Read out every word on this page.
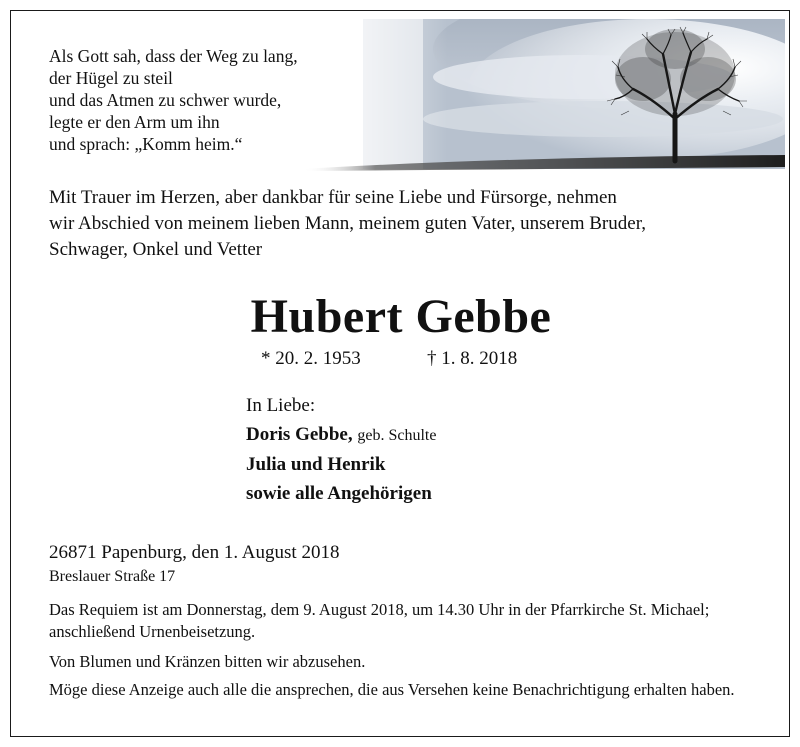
Als Gott sah, dass der Weg zu lang,
der Hügel zu steil
und das Atmen zu schwer wurde,
legte er den Arm um ihn
und sprach: „Komm heim.“
Mit Trauer im Herzen, aber dankbar für seine Liebe und Fürsorge, nehmen
wir Abschied von meinem lieben Mann, meinem guten Vater, unserem Bruder,
Schwager, Onkel und Vetter
Hubert Gebbe
* 20. 2. 1953	† 1. 8. 2018
In Liebe:
Doris Gebbe, geb. Schulte
Julia und Henrik
sowie alle Angehörigen
26871 Papenburg, den 1. August 2018
Breslauer Straße 17
Das Requiem ist am Donnerstag, dem 9. August 2018, um 14.30 Uhr in der Pfarrkirche St. Michael; anschließend Urnenbeisetzung.
Von Blumen und Kränzen bitten wir abzusehen.
Möge diese Anzeige auch alle die ansprechen, die aus Versehen keine Benachrichtigung erhalten haben.
